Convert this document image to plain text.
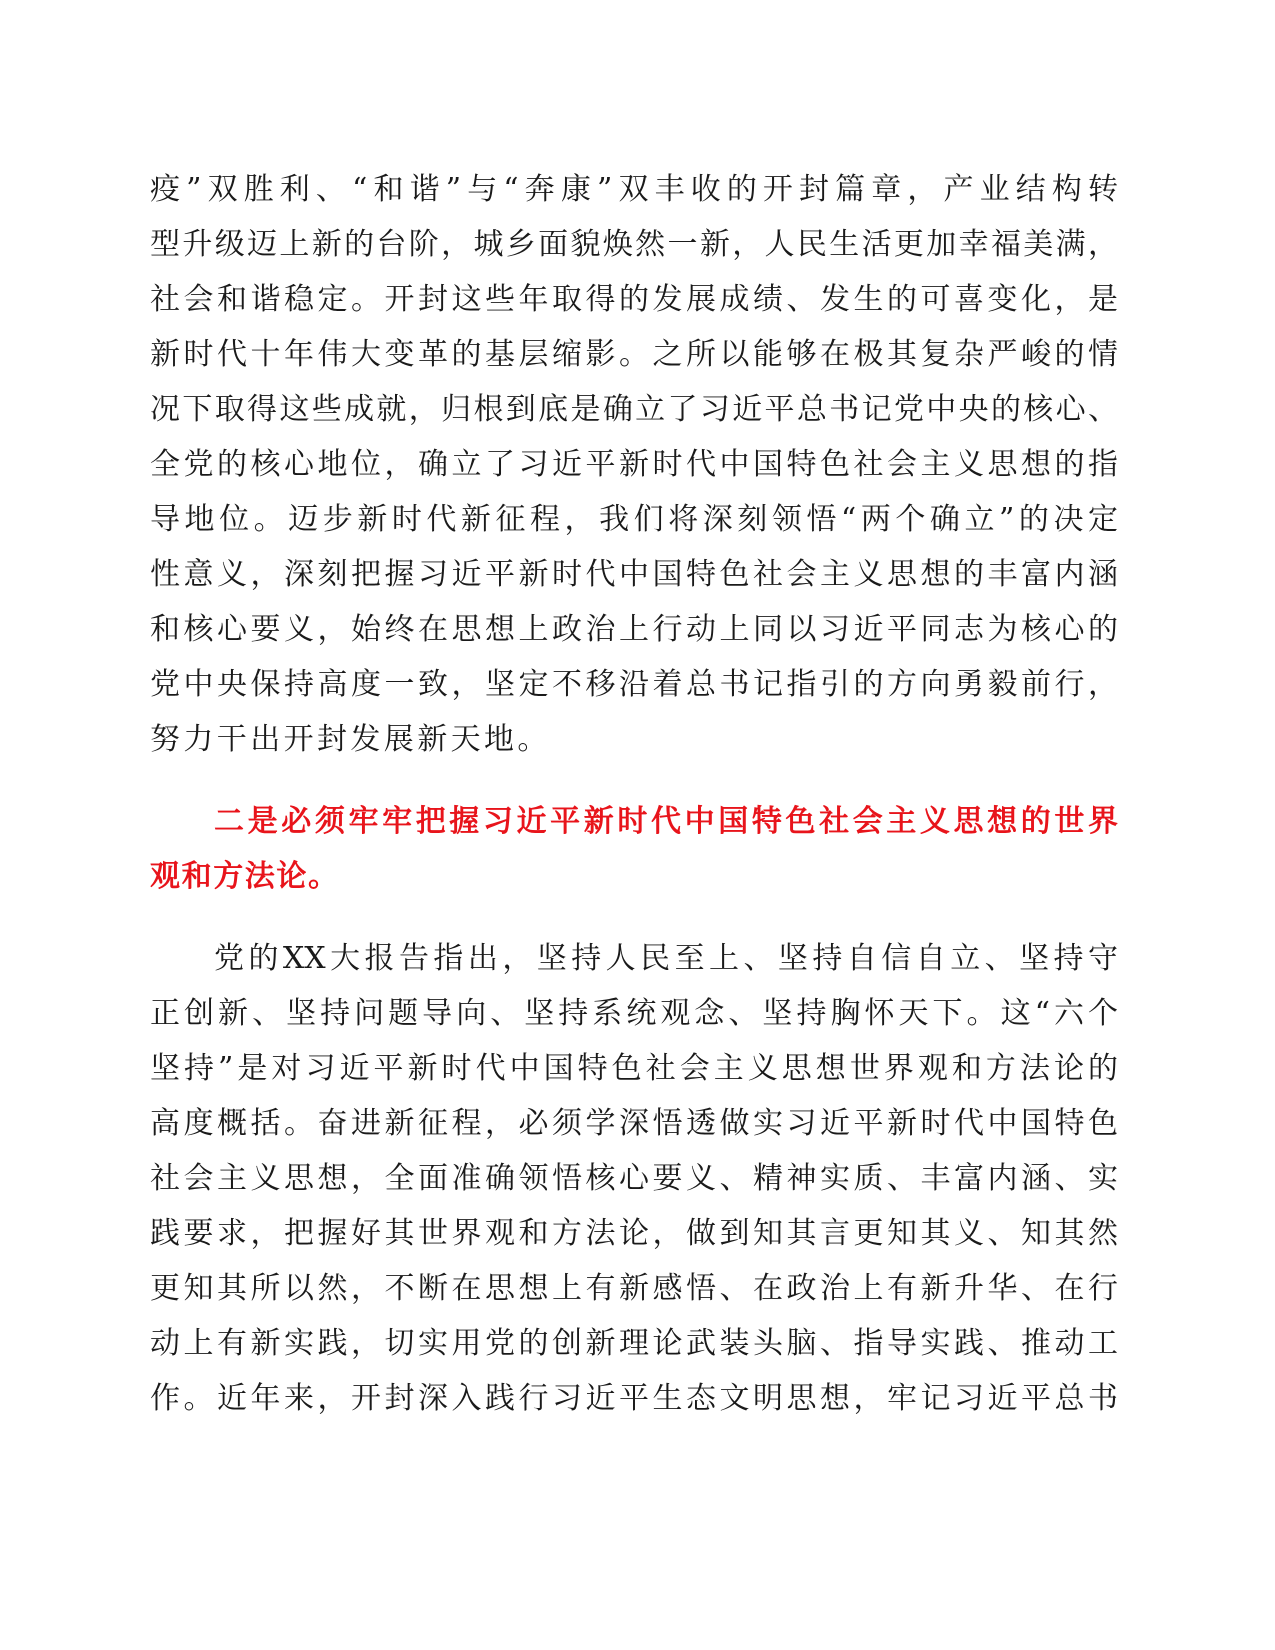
疫”双胜利、“和谐”与“奔康”双丰收的开封篇章，产业结构转
型升级迈上新的台阶，城乡面貌焕然一新，人民生活更加幸福美满，
社会和谐稳定。开封这些年取得的发展成绩、发生的可喜变化，是
新时代十年伟大变革的基层缩影。之所以能够在极其复杂严峻的情
况下取得这些成就，归根到底是确立了习近平总书记党中央的核心、
全党的核心地位，确立了习近平新时代中国特色社会主义思想的指
导地位。迈步新时代新征程，我们将深刻领悟“两个确立”的决定
性意义，深刻把握习近平新时代中国特色社会主义思想的丰富内涵
和核心要义，始终在思想上政治上行动上同以习近平同志为核心的
党中央保持高度一致，坚定不移沿着总书记指引的方向勇毅前行，
努力干出开封发展新天地。
二是必须牢牢把握习近平新时代中国特色社会主义思想的世界
观和方法论。
党的XX大报告指出，坚持人民至上、坚持自信自立、坚持守
正创新、坚持问题导向、坚持系统观念、坚持胸怀天下。这“六个
坚持”是对习近平新时代中国特色社会主义思想世界观和方法论的
高度概括。奋进新征程，必须学深悟透做实习近平新时代中国特色
社会主义思想，全面准确领悟核心要义、精神实质、丰富内涵、实
践要求，把握好其世界观和方法论，做到知其言更知其义、知其然
更知其所以然，不断在思想上有新感悟、在政治上有新升华、在行
动上有新实践，切实用党的创新理论武装头脑、指导实践、推动工
作。近年来，开封深入践行习近平生态文明思想，牢记习近平总书
